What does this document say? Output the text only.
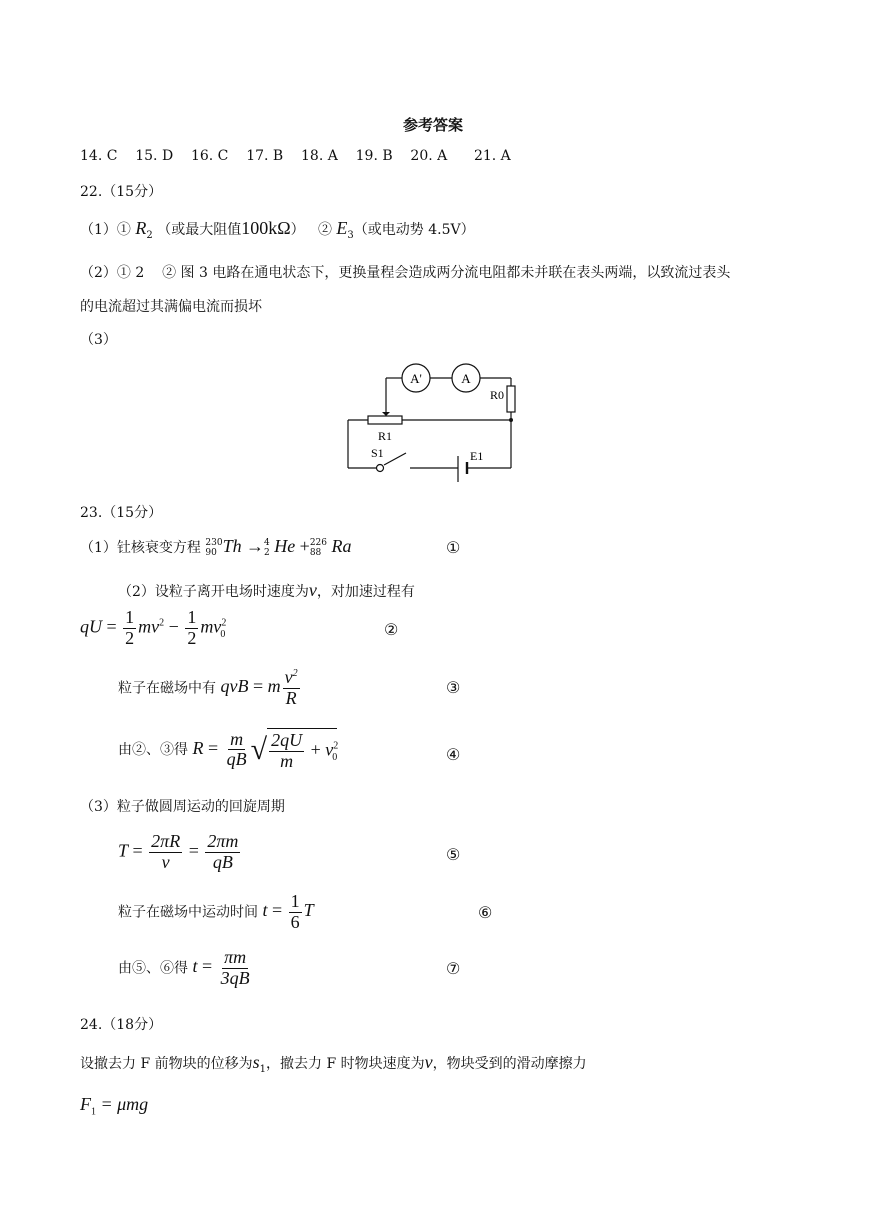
参考答案
14. C    15. D    16. C    17. B    18. A    19. B    20. A      21. A
22.（15分）
（1）① $R_2$ （或最大阻值100kΩ） ② $E_3$（或电动势 4.5V）
（2）① 2    ② 图 3 电路在通电状态下，更换量程会造成两分流电阻都未并联在表头两端，以致流过表头
的电流超过其满偏电流而损坏
（3）
A'	A
R0
R1
S1	E1
23.（15分）
（1）钍核衰变方程 230
90 Th → 4
2 He + 226
88 Ra	①
（2）设粒子离开电场时速度为v，对加速过程有
qU = $\frac{1}{2} mv^2 - \frac{1}{2} mv^2_0$	②
粒子在磁场中有 qvB = m $\frac{v^2}{R}$	③
由②、③得 $R = \frac{m}{qB}$ √ $\frac{2qU}{m} + v^2_0$	④
（3）粒子做圆周运动的回旋周期
$T = \frac{2\pi R}{v} = \frac{2\pi m}{qB}$	⑤
粒子在磁场中运动时间 $t = \frac{1}{6}$ T	⑥
由⑤、⑥得 $t = \frac{\pi m}{3qB}$	⑦
24.（18分）
设撤去力 F 前物块的位移为$s_1$，撤去力 F 时物块速度为v，物块受到的滑动摩擦力
$F_1 = \mu mg$
